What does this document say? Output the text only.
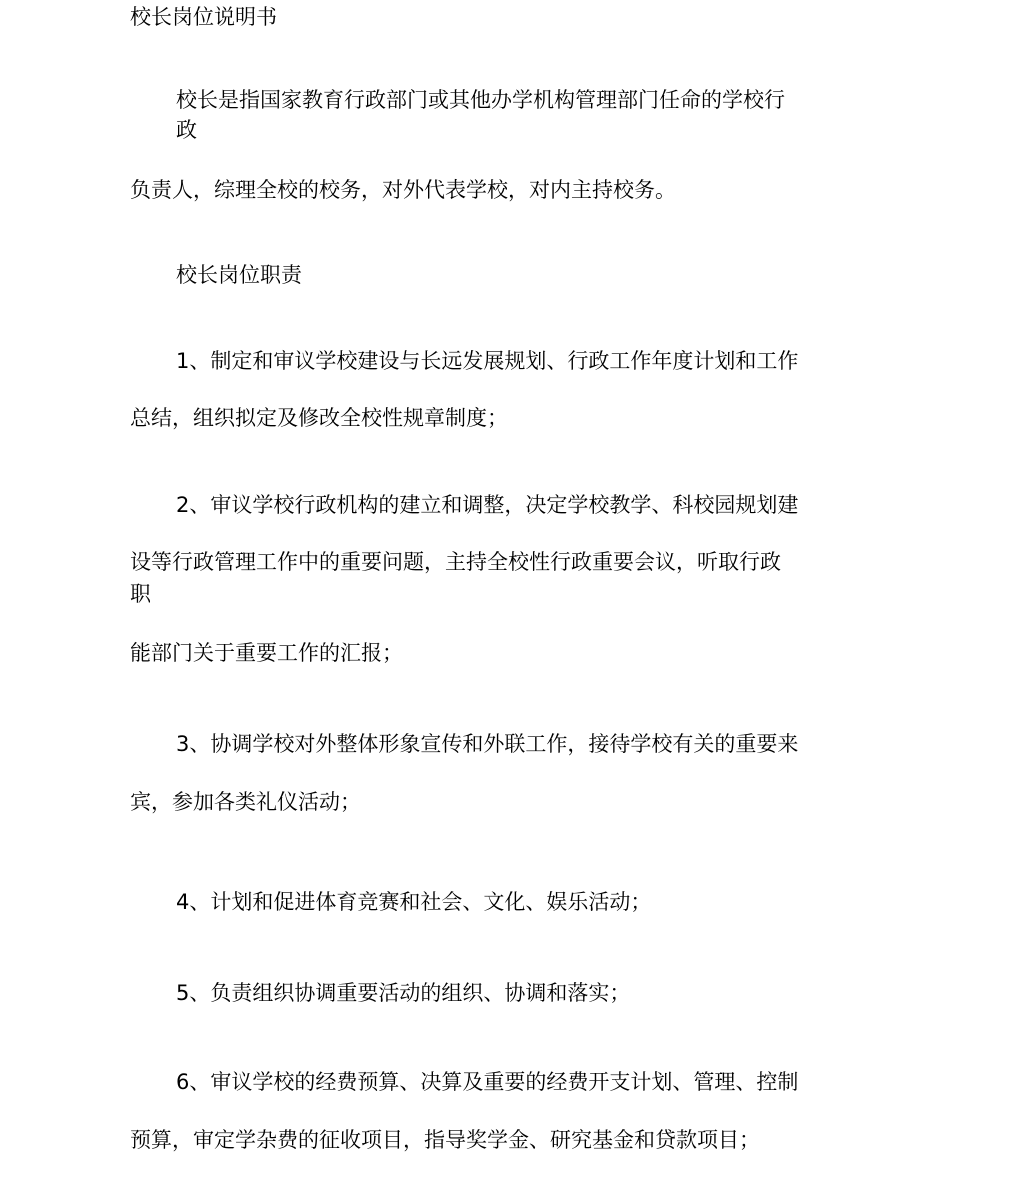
校长岗位说明书
校长是指国家教育行政部门或其他办学机构管理部门任命的学校行
政
负责人，综理全校的校务，对外代表学校，对内主持校务。
校长岗位职责
1、制定和审议学校建设与长远发展规划、行政工作年度计划和工作
总结，组织拟定及修改全校性规章制度；
2、审议学校行政机构的建立和调整，决定学校教学、科校园规划建
设等行政管理工作中的重要问题，主持全校性行政重要会议，听取行政
职
能部门关于重要工作的汇报；
3、协调学校对外整体形象宣传和外联工作，接待学校有关的重要来
宾，参加各类礼仪活动；
4、计划和促进体育竞赛和社会、文化、娱乐活动；
5、负责组织协调重要活动的组织、协调和落实；
6、审议学校的经费预算、决算及重要的经费开支计划、管理、控制
预算，审定学杂费的征收项目，指导奖学金、研究基金和贷款项目；
